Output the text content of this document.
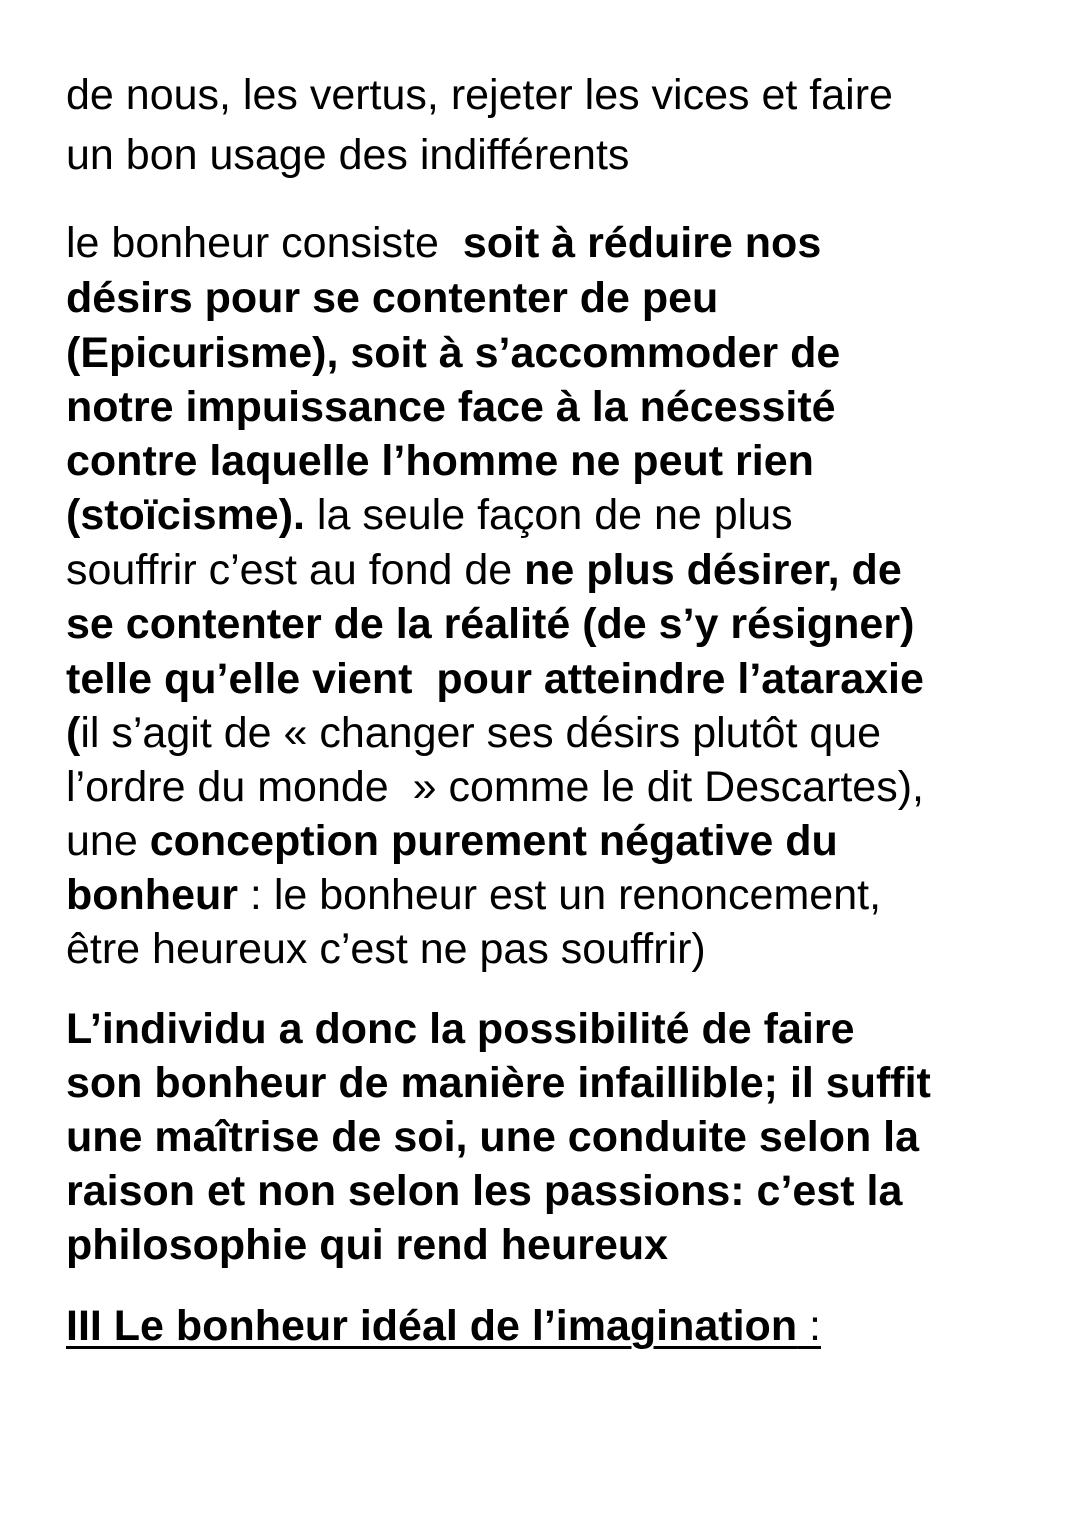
de nous, les vertus, rejeter les vices et faire
un bon usage des indifférents
le bonheur consiste  soit à réduire nos
désirs pour se contenter de peu
(Epicurisme), soit à s’accommoder de
notre impuissance face à la nécessité
contre laquelle l’homme ne peut rien
(stoïcisme). la seule façon de ne plus
souffrir c’est au fond de ne plus désirer, de
se contenter de la réalité (de s’y résigner)
telle qu’elle vient  pour atteindre l’ataraxie
(il s’agit de « changer ses désirs plutôt que
l’ordre du monde  » comme le dit Descartes),
une conception purement négative du
bonheur : le bonheur est un renoncement,
être heureux c’est ne pas souffrir)
L’individu a donc la possibilité de faire
son bonheur de manière infaillible; il suffit
une maîtrise de soi, une conduite selon la
raison et non selon les passions: c’est la
philosophie qui rend heureux
III Le bonheur idéal de l’imagination :
